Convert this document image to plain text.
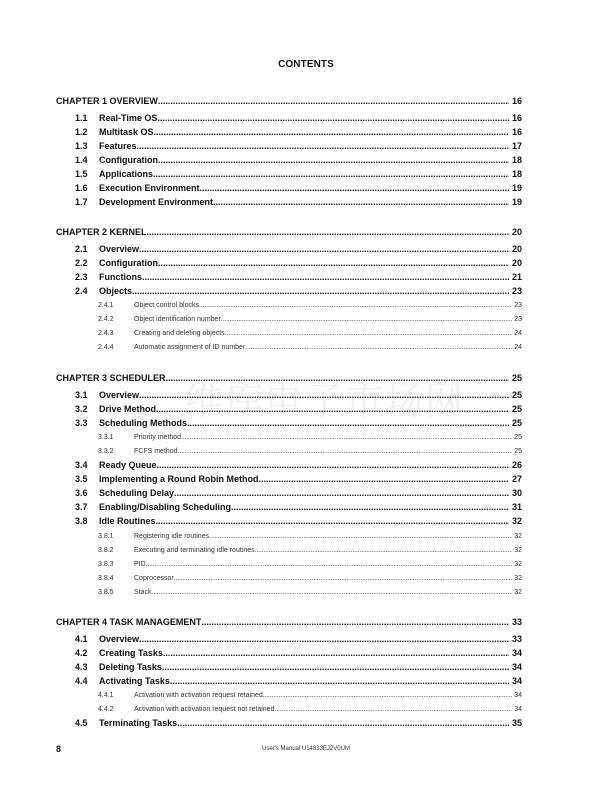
CONTENTS
维库电子市场网
CHAPTER 1 OVERVIEW .....	16
1.1 Real-Time OS .....	16
1.2 Multitask OS .....	16
1.3 Features .....	17
1.4 Configuration .....	18
1.5 Applications .....	18
1.6 Execution Environment .....	19
1.7 Development Environment .....	19
CHAPTER 2 KERNEL .....	20
2.1 Overview .....	20
2.2 Configuration .....	20
2.3 Functions .....	21
2.4 Objects .....	23
2.4.1	Object control blocks .....	23
2.4.2	Object identification number .....	23
2.4.3	Creating and deleting objects .....	24
2.4.4	Automatic assignment of ID number .....	24
CHAPTER 3 SCHEDULER .....	25
3.1 Overview .....	25
3.2 Drive Method .....	25
3.3 Scheduling Methods .....	25
3.3.1	Priority method .....	25
3.3.2	FCFS method .....	25
3.4 Ready Queue .....	26
3.5 Implementing a Round Robin Method .....	27
3.6 Scheduling Delay .....	30
3.7 Enabling/Disabling Scheduling .....	31
3.8 Idle Routines .....	32
3.8.1	Registering idle routines .....	32
3.8.2	Executing and terminating idle routines .....	32
3.8.3	PID .....	32
3.8.4	Coprocessor .....	32
3.8.5	Stack .....	32
CHAPTER 4 TASK MANAGEMENT .....	33
4.1 Overview .....	33
4.2 Creating Tasks .....	34
4.3 Deleting Tasks .....	34
4.4 Activating Tasks .....	34
4.4.1	Activation with activation request retained .....	34
4.4.2	Activation with activation request not retained .....	34
4.5 Terminating Tasks .....	35
8	User's Manual U14833EJ2V0UM
